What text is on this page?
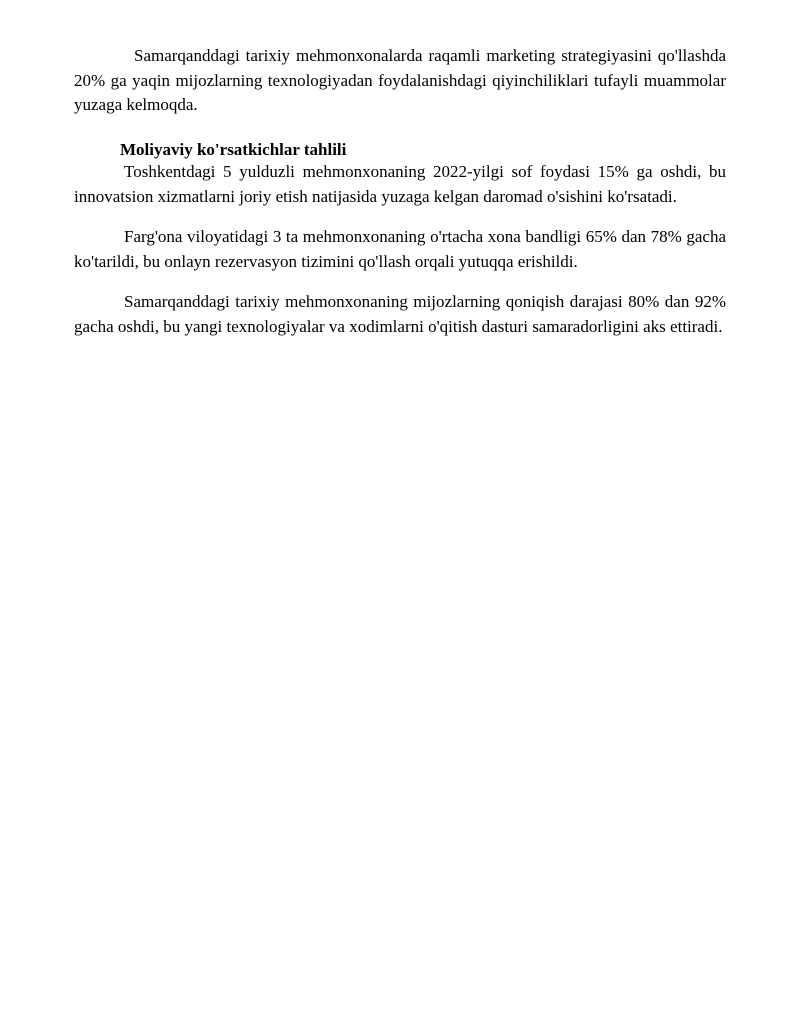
Samarqanddagi tarixiy mehmonxonalarda raqamli marketing strategiyasini qo'llashda 20% ga yaqin mijozlarning texnologiyadan foydalanishdagi qiyinchiliklari tufayli muammolar yuzaga kelmoqda.

Moliyaviy ko'rsatkichlar tahlili

Toshkentdagi 5 yulduzli mehmonxonaning 2022-yilgi sof foydasi 15% ga oshdi, bu innovatsion xizmatlarni joriy etish natijasida yuzaga kelgan daromad o'sishini ko'rsatadi.

Farg'ona viloyatidagi 3 ta mehmonxonaning o'rtacha xona bandligi 65% dan 78% gacha ko'tarildi, bu onlayn rezervasyon tizimini qo'llash orqali yutuqqa erishildi.

Samarqanddagi tarixiy mehmonxonaning mijozlarning qoniqish darajasi 80% dan 92% gacha oshdi, bu yangi texnologiyalar va xodimlarni o'qitish dasturi samaradorligini aks ettiradi.
